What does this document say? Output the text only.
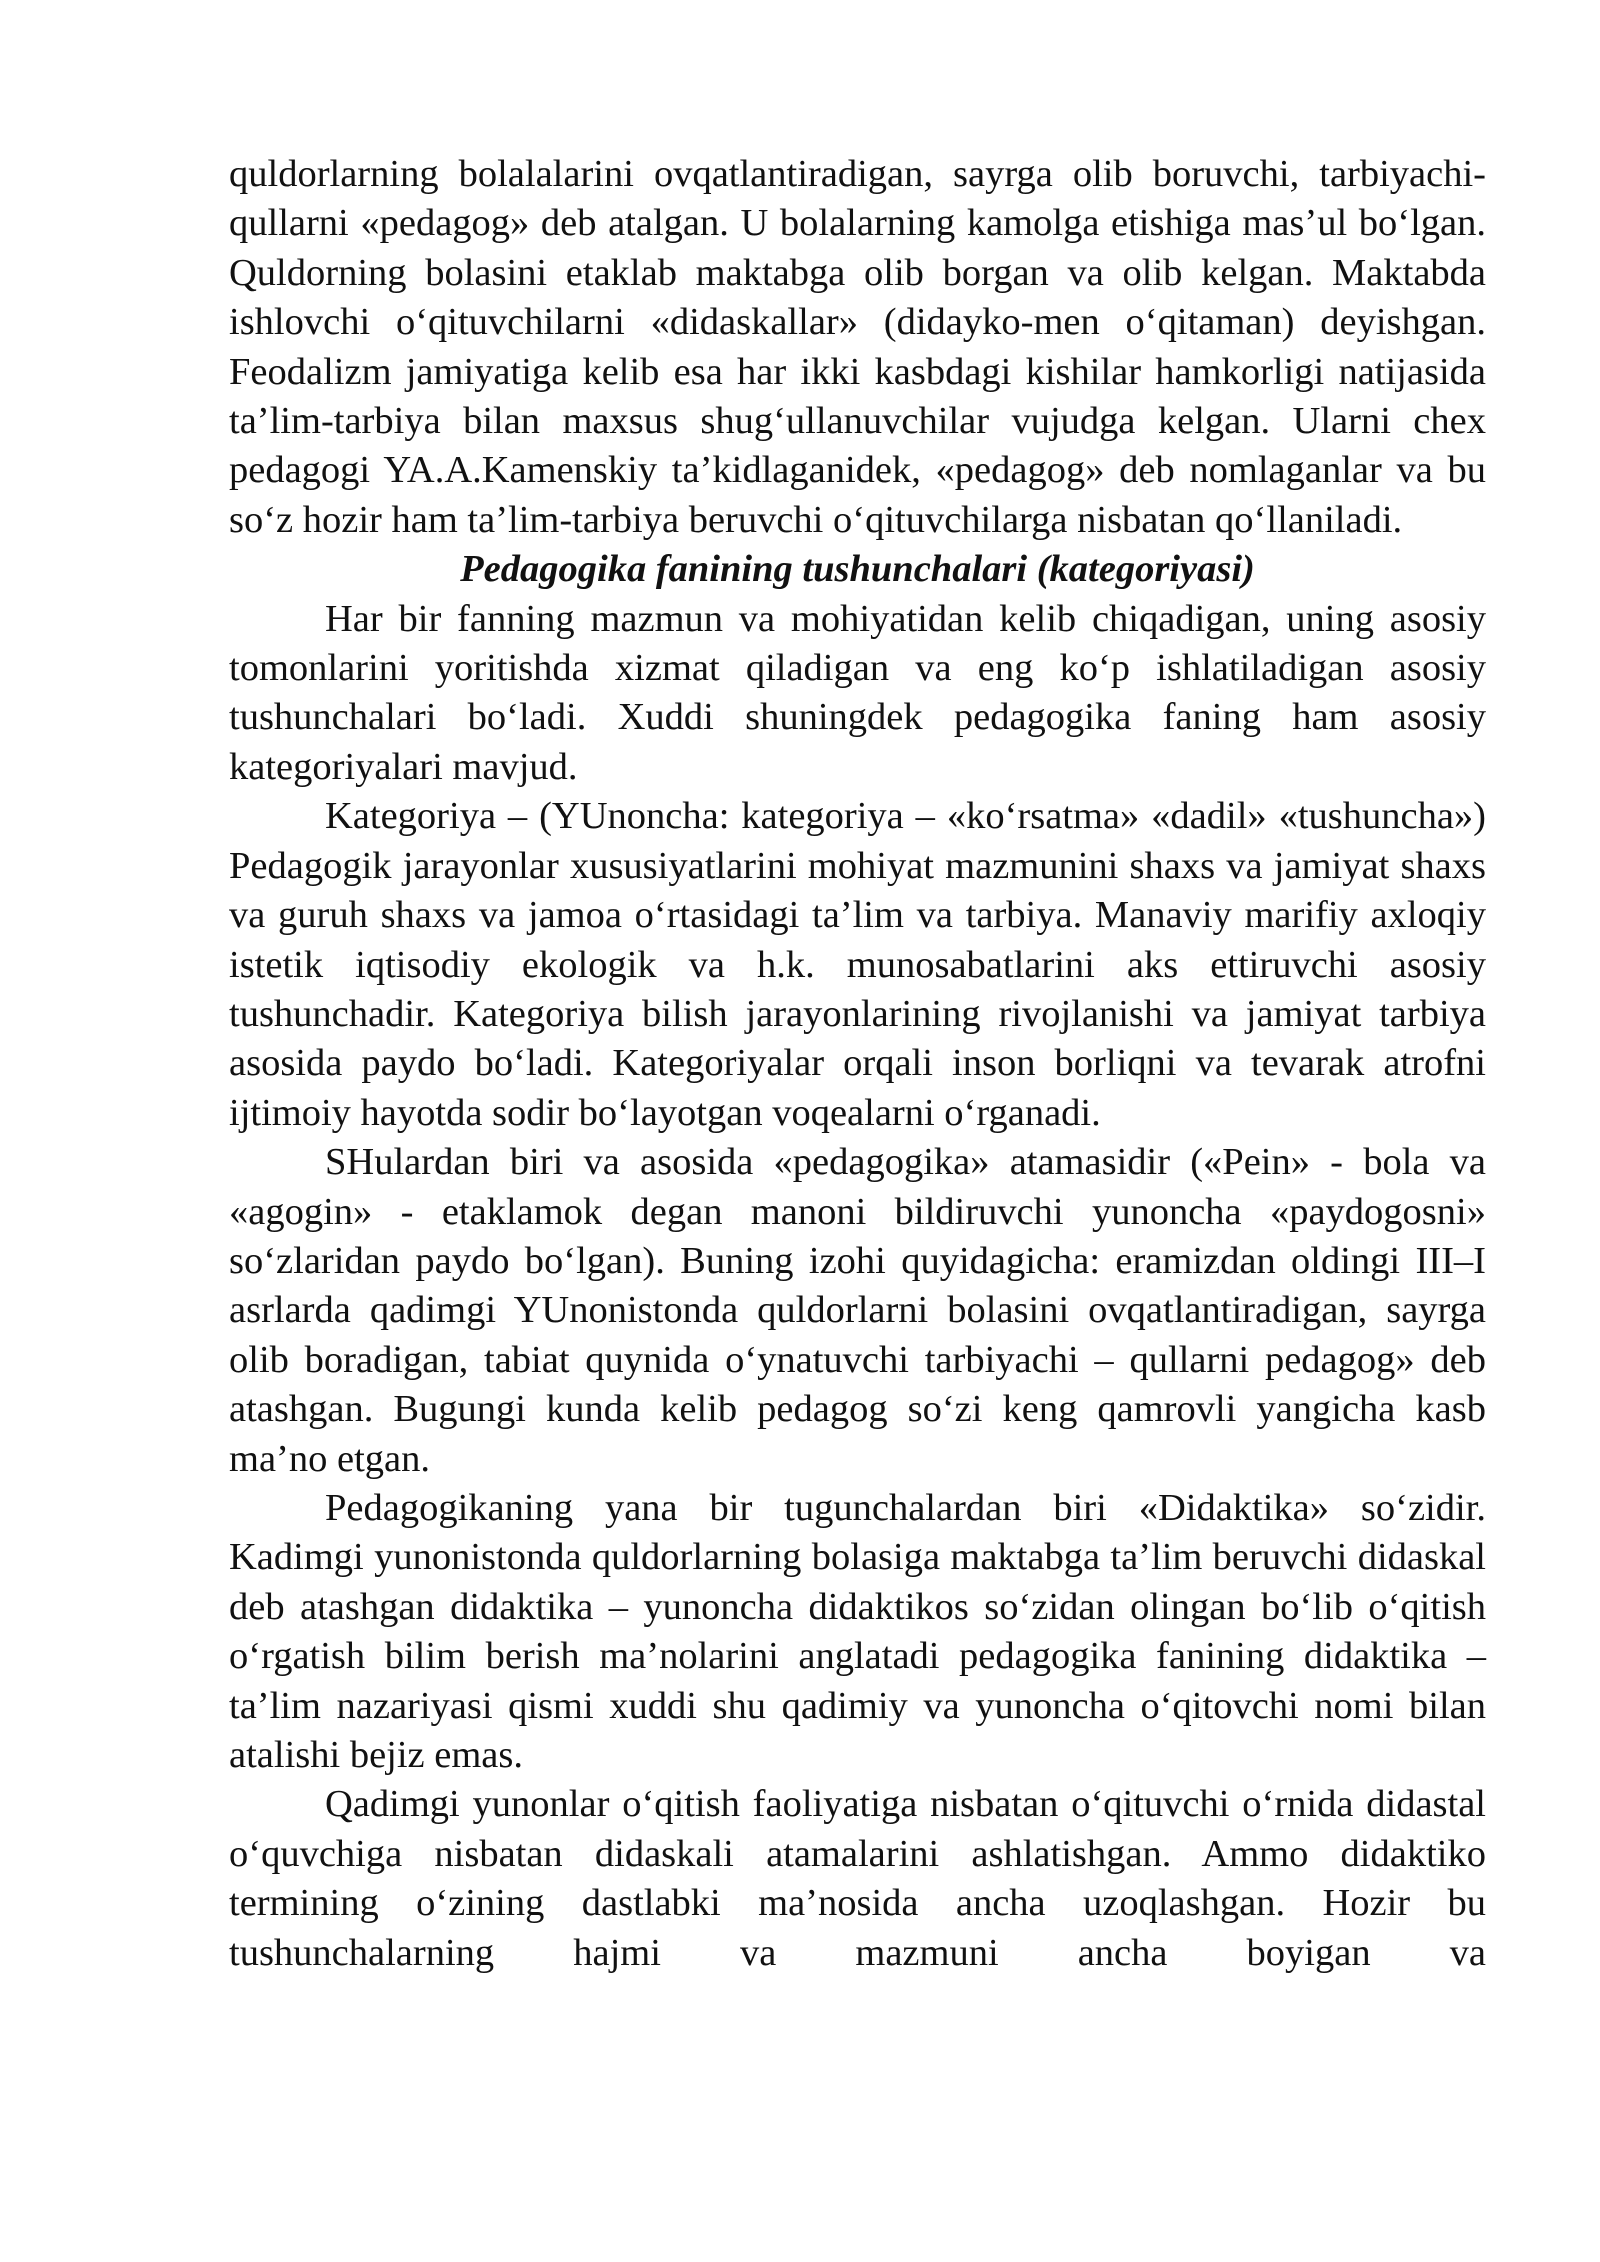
quldorlarning bolalalarini ovqatlantiradigan, sayrga olib boruvchi, tarbiyachi-qullarni «pedagog» deb atalgan. U bolalarning kamolga etishiga mas’ul bo‘lgan. Quldorning bolasini etaklab maktabga olib borgan va olib kelgan. Maktabda ishlovchi o‘qituvchilarni «didaskallar» (didayko-men o‘qitaman) deyishgan. Feodalizm jamiyatiga kelib esa har ikki kasbdagi kishilar hamkorligi natijasida ta’lim-tarbiya bilan maxsus shug‘ullanuvchilar vujudga kelgan. Ularni chex pedagogi YA.A.Kamenskiy ta’kidlaganidek, «pedagog» deb nomlaganlar va bu so‘z hozir ham ta’lim-tarbiya beruvchi o‘qituvchilarga nisbatan qo‘llaniladi.

Pedagogika fanining tushunchalari (kategoriyasi)

Har bir fanning mazmun va mohiyatidan kelib chiqadigan, uning asosiy tomonlarini yoritishda xizmat qiladigan va eng ko‘p ishlatiladigan asosiy tushunchalari bo‘ladi. Xuddi shuningdek pedagogika faning ham asosiy kategoriyalari mavjud.

Kategoriya – (YUnoncha: kategoriya – «ko‘rsatma» «dadil» «tushuncha») Pedagogik jarayonlar xususiyatlarini mohiyat mazmunini shaxs va jamiyat shaxs va guruh shaxs va jamoa o‘rtasidagi ta’lim va tarbiya. Manaviy marifiy axloqiy istetik iqtisodiy ekologik va h.k. munosabatlarini aks ettiruvchi asosiy tushunchadir. Kategoriya bilish jarayonlarining rivojlanishi va jamiyat tarbiya asosida paydo bo‘ladi. Kategoriyalar orqali inson borliqni va tevarak atrofni ijtimoiy hayotda sodir bo‘layotgan voqealarni o‘rganadi.

SHulardan biri va asosida «pedagogika» atamasidir («Pein» - bola va «agogin» - etaklamok degan manoni bildiruvchi yunoncha «paydogosni» so‘zlaridan paydo bo‘lgan). Buning izohi quyidagicha: eramizdan oldingi III–I asrlarda qadimgi YUnonistonda quldorlarni bolasini ovqatlantiradigan, sayrga olib boradigan, tabiat quynida o‘ynatuvchi tarbiyachi – qullarni pedagog» deb atashgan. Bugungi kunda kelib pedagog so‘zi keng qamrovli yangicha kasb ma’no etgan.

Pedagogikaning yana bir tugunchalardan biri «Didaktika» so‘zidir. Kadimgi yunonistonda quldorlarning bolasiga maktabga ta’lim beruvchi didaskal deb atashgan didaktika – yunoncha didaktikos so‘zidan olingan bo‘lib o‘qitish o‘rgatish bilim berish ma’nolarini anglatadi pedagogika fanining didaktika – ta’lim nazariyasi qismi xuddi shu qadimiy va yunoncha o‘qitovchi nomi bilan atalishi bejiz emas.

Qadimgi yunonlar o‘qitish faoliyatiga nisbatan o‘qituvchi o‘rnida didastal o‘quvchiga nisbatan didaskali atamalarini ashlatishgan. Ammo didaktiko termining o‘zining dastlabki ma’nosida ancha uzoqlashgan. Hozir bu tushunchalarning hajmi va mazmuni ancha boyigan va
